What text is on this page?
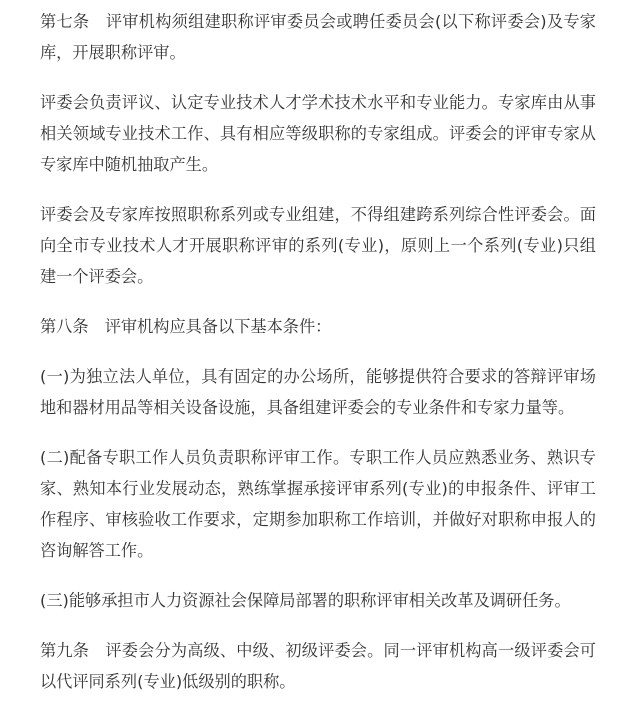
第七条　评审机构须组建职称评审委员会或聘任委员会(以下称评委会)及专家库，开展职称评审。

评委会负责评议、认定专业技术人才学术技术水平和专业能力。专家库由从事相关领域专业技术工作、具有相应等级职称的专家组成。评委会的评审专家从专家库中随机抽取产生。

评委会及专家库按照职称系列或专业组建，不得组建跨系列综合性评委会。面向全市专业技术人才开展职称评审的系列(专业)，原则上一个系列(专业)只组建一个评委会。

第八条　评审机构应具备以下基本条件：

(一)为独立法人单位，具有固定的办公场所，能够提供符合要求的答辩评审场地和器材用品等相关设备设施，具备组建评委会的专业条件和专家力量等。

(二)配备专职工作人员负责职称评审工作。专职工作人员应熟悉业务、熟识专家、熟知本行业发展动态，熟练掌握承接评审系列(专业)的申报条件、评审工作程序、审核验收工作要求，定期参加职称工作培训，并做好对职称申报人的咨询解答工作。

(三)能够承担市人力资源社会保障局部署的职称评审相关改革及调研任务。

第九条　评委会分为高级、中级、初级评委会。同一评审机构高一级评委会可以代评同系列(专业)低级别的职称。
